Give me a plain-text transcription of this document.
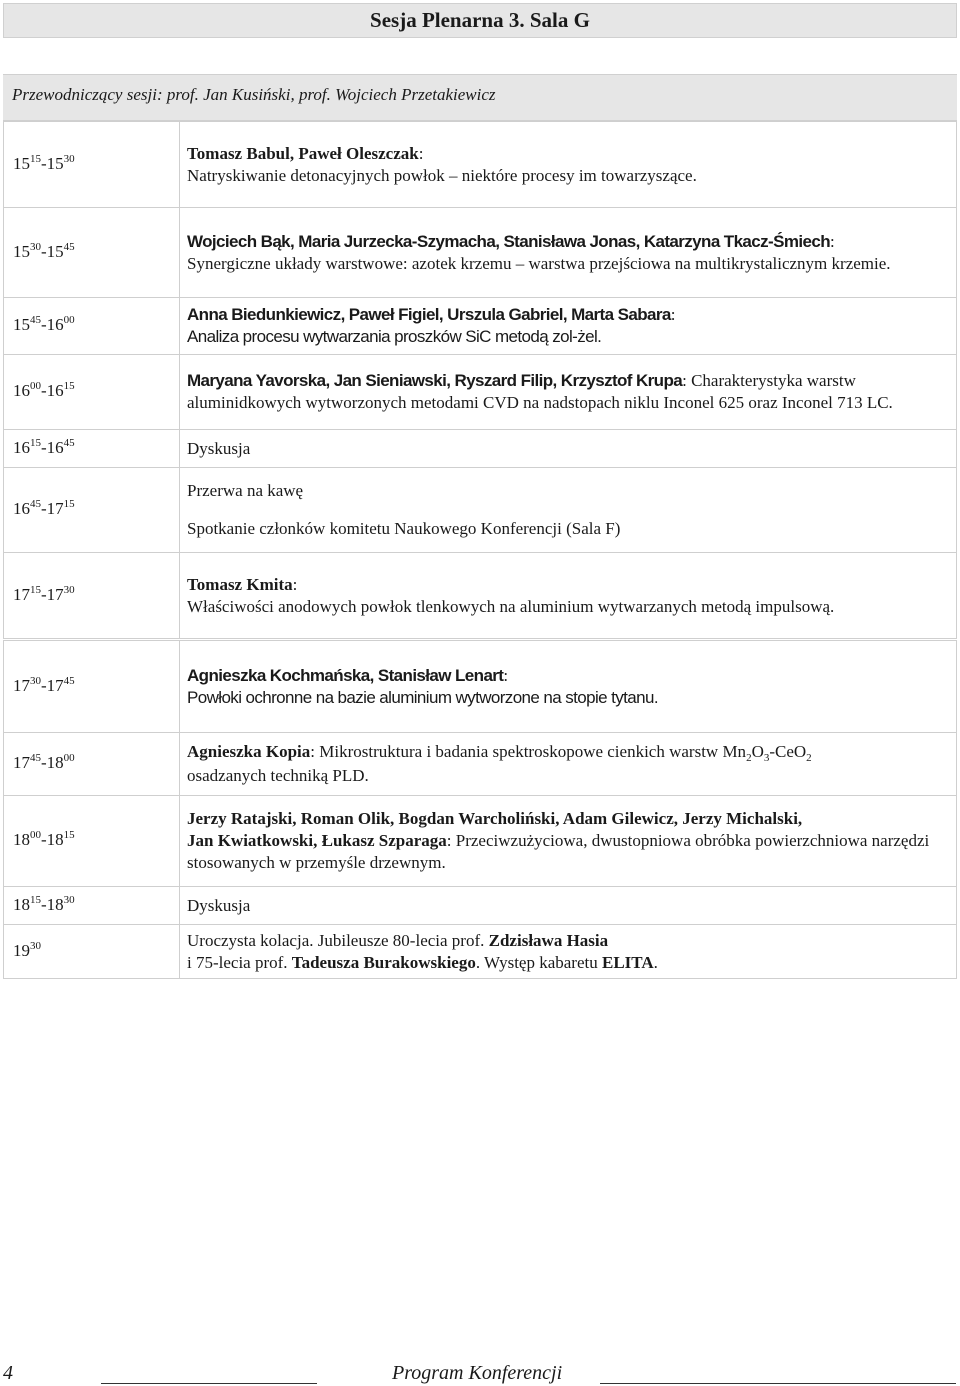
Sesja Plenarna 3. Sala G
Przewodniczący sesji: prof. Jan Kusiński, prof. Wojciech Przetakiewicz
$15^{15}-15^{30}$	Tomasz Babul, Paweł Oleszczak:
Natryskiwanie detonacyjnych powłok – niektóre procesy im towarzyszące.
$15^{30}-15^{45}$	Wojciech Bąk, Maria Jurzecka-Szymacha, Stanisława Jonas, Katarzyna Tkacz-Śmiech:
Synergiczne układy warstwowe: azotek krzemu – warstwa przejściowa na multikrystalicznym krzemie.
$15^{45}-16^{00}$	Anna Biedunkiewicz, Paweł Figiel, Urszula Gabriel, Marta Sabara:
Analiza procesu wytwarzania proszków SiC metodą zol-żel.
$16^{00}-16^{15}$	Maryana Yavorska, Jan Sieniawski, Ryszard Filip, Krzysztof Krupa: Charakterystyka warstw aluminidkowych wytworzonych metodami CVD na nadstopach niklu Inconel 625 oraz Inconel 713 LC.
$16^{15}-16^{45}$	Dyskusja
$16^{45}-17^{15}$	Przerwa na kawę
Spotkanie członków komitetu Naukowego Konferencji (Sala F)

$17^{15}-17^{30}$	Tomasz Kmita:
Właściwości anodowych powłok tlenkowych na aluminium wytwarzanych metodą impulsową.
$17^{30}-17^{45}$	Agnieszka Kochmańska, Stanisław Lenart:
Powłoki ochronne na bazie aluminium wytworzone na stopie tytanu.
$17^{45}-18^{00}$	Agnieszka Kopia: Mikrostruktura i badania spektroskopowe cienkich warstw $Mn_2O_3-CeO_2$
osadzanych techniką PLD.
$18^{00}-18^{15}$	Jerzy Ratajski, Roman Olik, Bogdan Warcholiński, Adam Gilewicz, Jerzy Michalski,
Jan Kwiatkowski, Łukasz Szparaga: Przeciwzużyciowa, dwustopniowa obróbka powierzchniowa narzędzi stosowanych w przemyśle drzewnym.
$18^{15}-18^{30}$	Dyskusja
$19^{30}$	Uroczysta kolacja. Jubileusze 80-lecia prof. Zdzisława Hasia
i 75-lecia prof. Tadeusza Burakowskiego. Występ kabaretu ELITA.
4	Program Konferencji
